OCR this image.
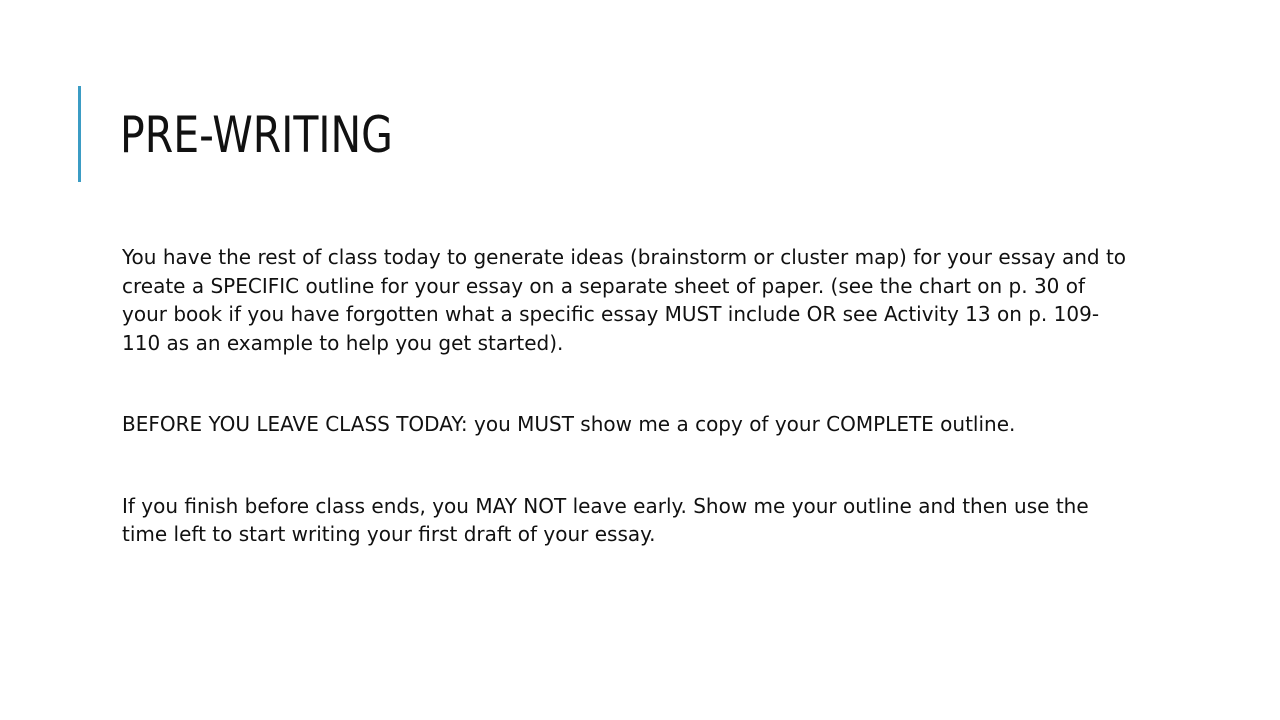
PRE-WRITING

You have the rest of class today to generate ideas (brainstorm or cluster map) for your essay and to create a SPECIFIC outline for your essay on a separate sheet of paper. (see the chart on p. 30 of your book if you have forgotten what a specific essay MUST include OR see Activity 13 on p. 109-110 as an example to help you get started).

BEFORE YOU LEAVE CLASS TODAY: you MUST show me a copy of your COMPLETE outline.

If you finish before class ends, you MAY NOT leave early. Show me your outline and then use the time left to start writing your first draft of your essay.
